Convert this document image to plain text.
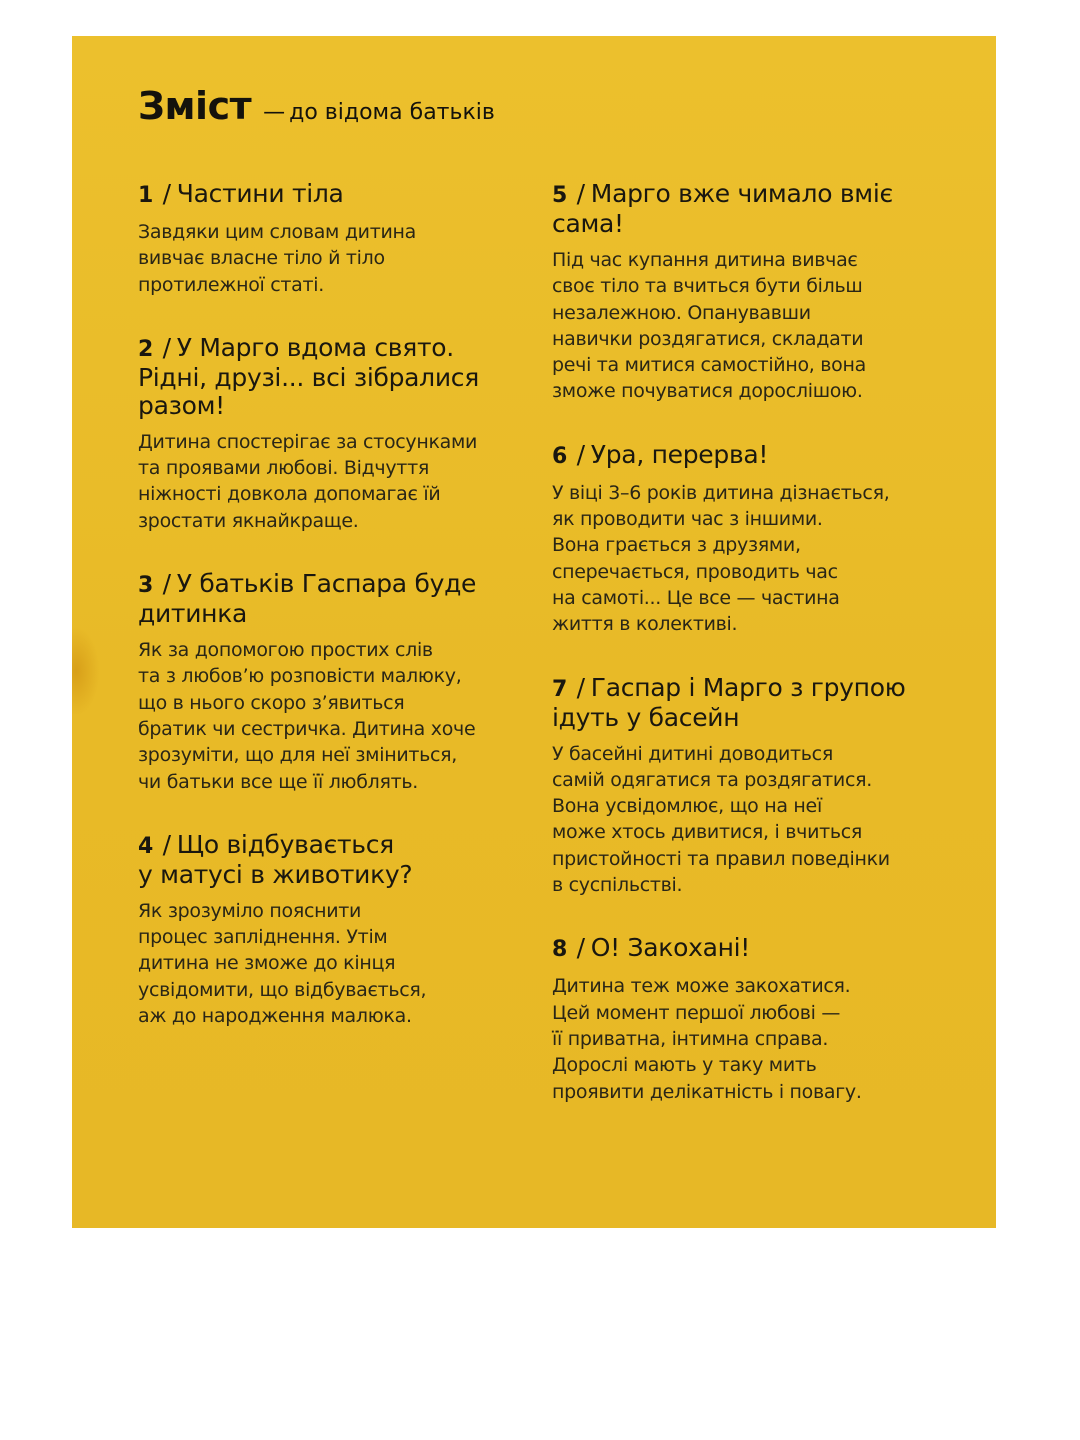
Зміст — до відома батьків
1 / Частини тіла

Завдяки цим словам дитина
вивчає власне тіло й тіло
протилежної статі.

2 / У Марго вдома свято.
Рідні, друзі... всі зібралися
разом!

Дитина спостерігає за стосунками
та проявами любові. Відчуття
ніжності довкола допомагає їй
зростати якнайкраще.

3 / У батьків Гаспара буде
дитинка

Як за допомогою простих слів
та з любов’ю розповісти малюку,
що в нього скоро з’явиться
братик чи сестричка. Дитина хоче
зрозуміти, що для неї зміниться,
чи батьки все ще її люблять.

4 / Що відбувається
у матусі в животику?

Як зрозуміло пояснити
процес запліднення. Утім
дитина не зможе до кінця
усвідомити, що відбувається,
аж до народження малюка.

5 / Марго вже чимало вміє
сама!

Під час купання дитина вивчає
своє тіло та вчиться бути більш
незалежною. Опанувавши
навички роздягатися, складати
речі та митися самостійно, вона
зможе почуватися дорослішою.

6 / Ура, перерва!

У віці 3–6 років дитина дізнається,
як проводити час з іншими.
Вона грається з друзями,
сперечається, проводить час
на самоті... Це все — частина
життя в колективі.

7 / Гаспар і Марго з групою
ідуть у басейн

У басейні дитині доводиться
самій одягатися та роздягатися.
Вона усвідомлює, що на неї
може хтось дивитися, і вчиться
пристойності та правил поведінки
в суспільстві.

8 / О! Закохані!

Дитина теж може закохатися.
Цей момент першої любові —
її приватна, інтимна справа.
Дорослі мають у таку мить
проявити делікатність і повагу.
